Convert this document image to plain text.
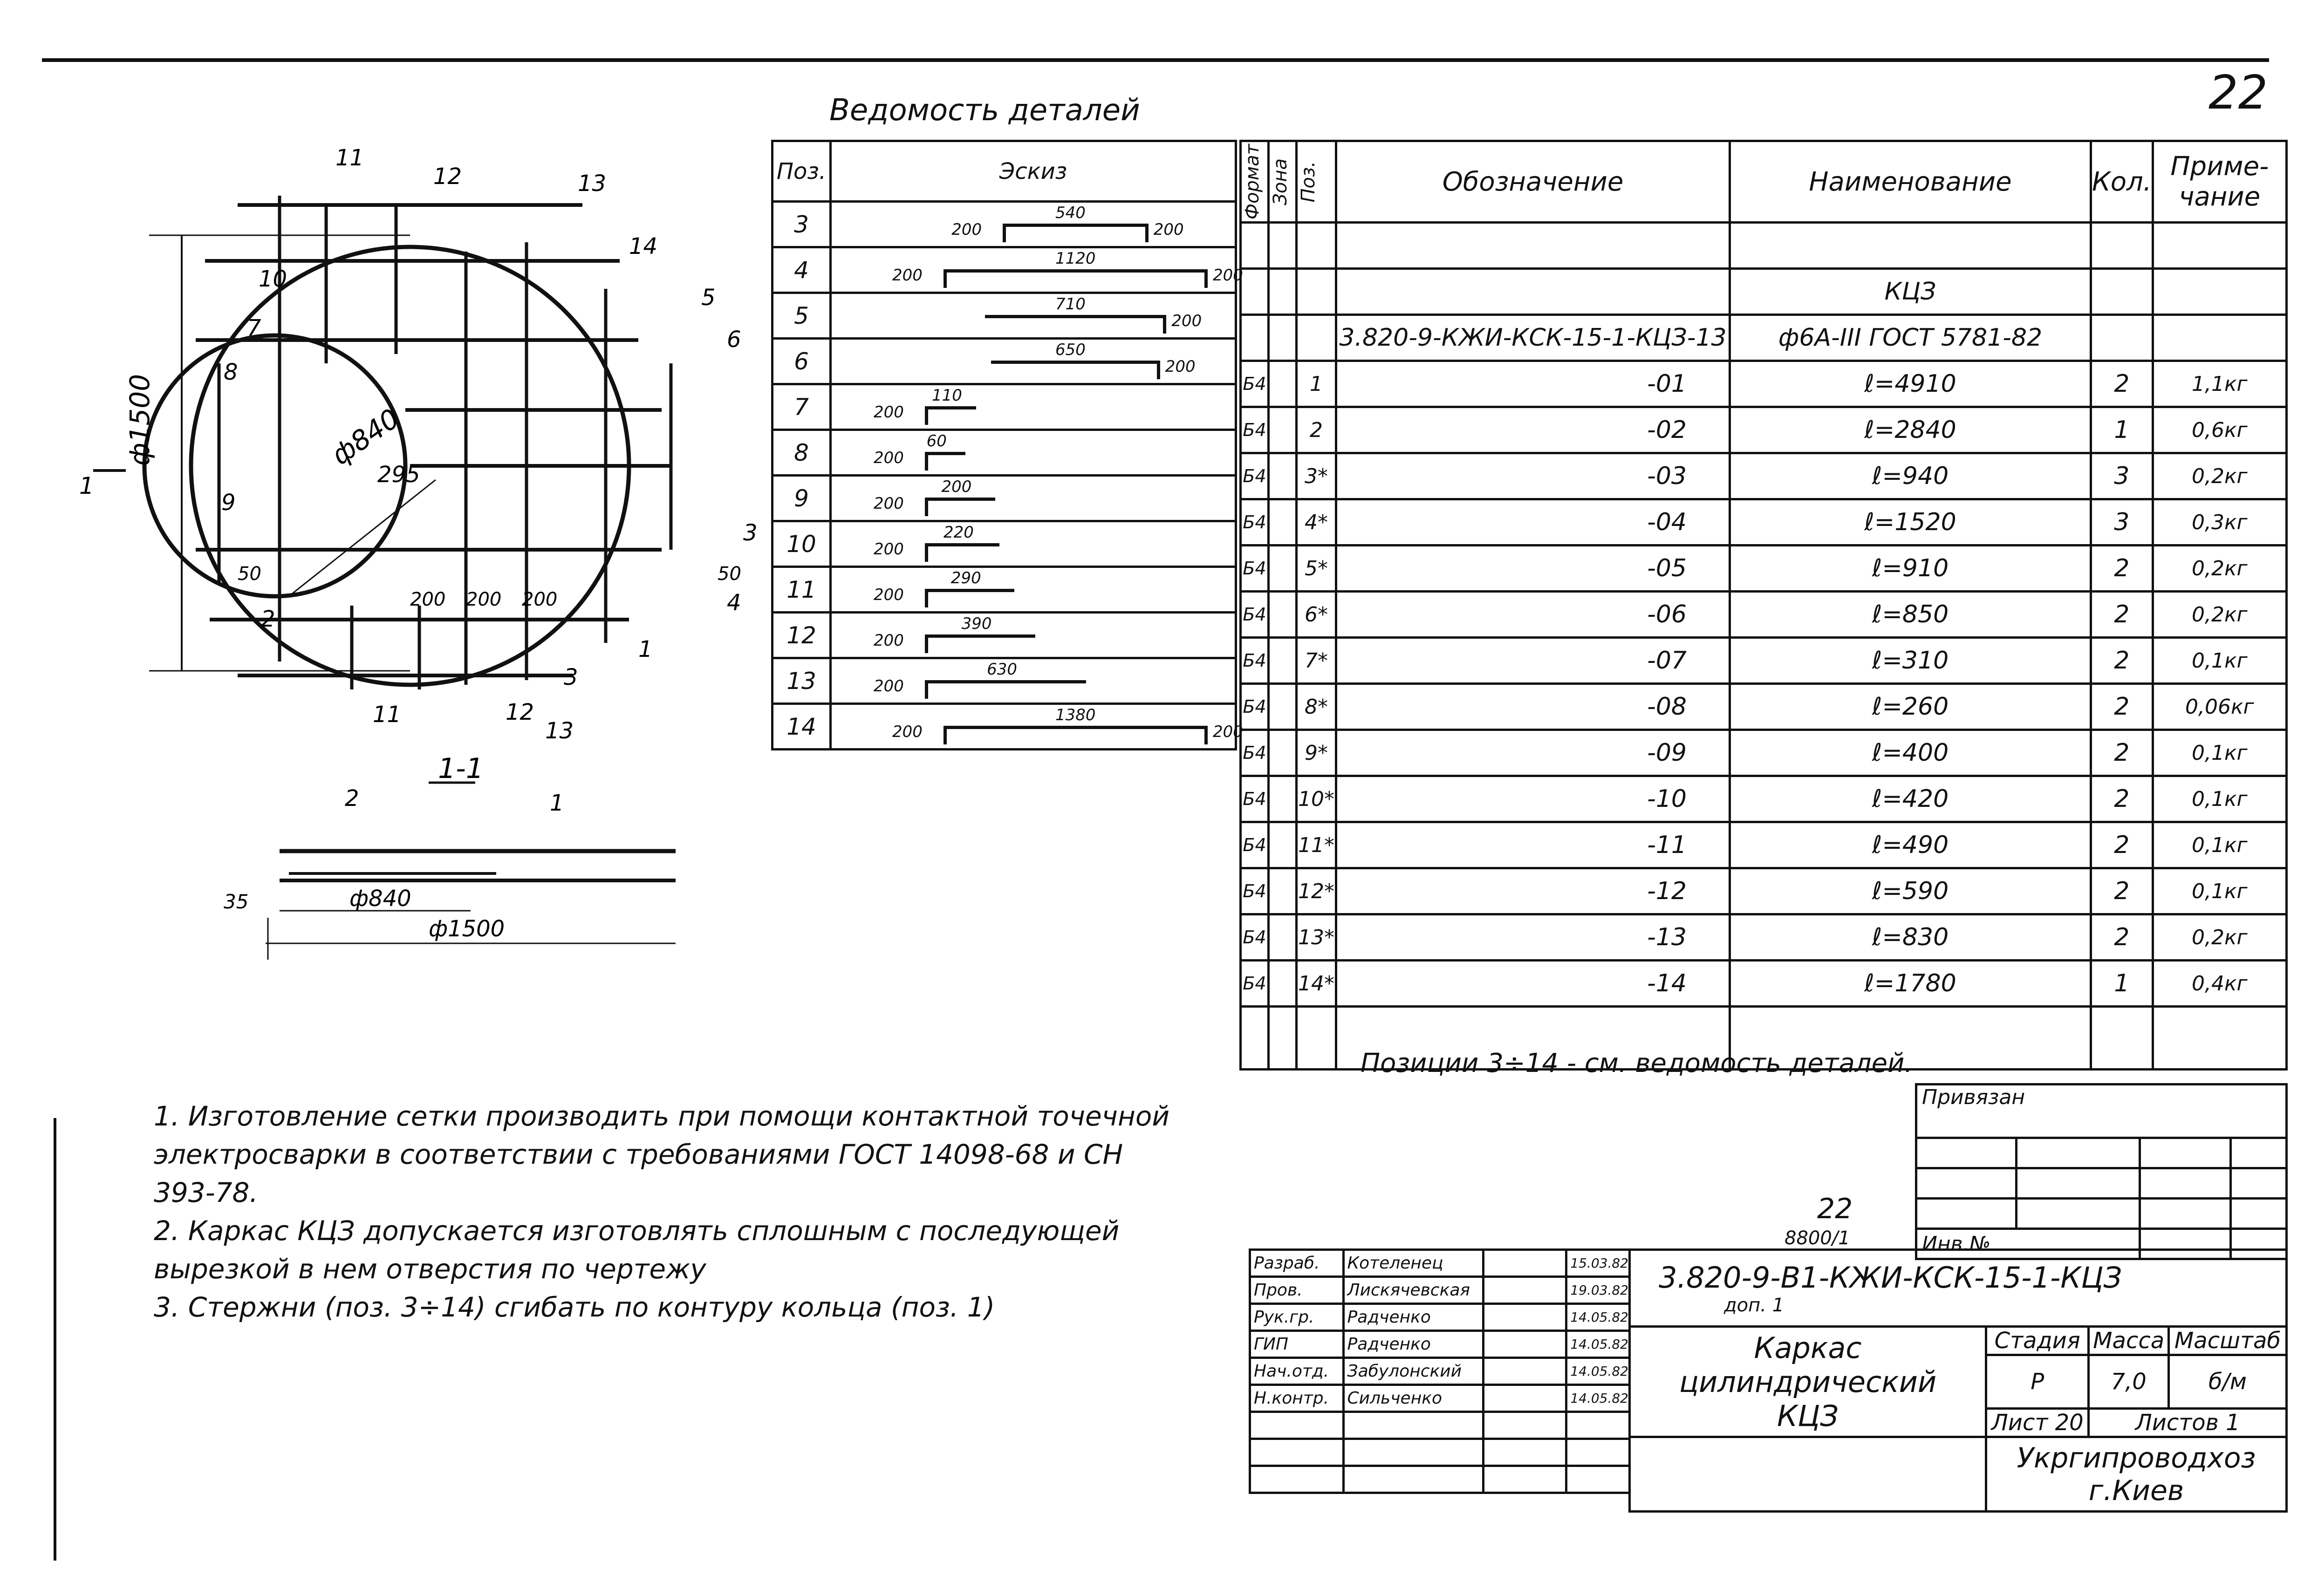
22
ф1500	ф840
295
1
11
12	13
14
5
6
10
7
8
9
2
3
4
1
3
11	12
13
50	50
200 200 200
1-1
2	1
ф840
ф1500
35
Ведомость деталей
Поз.	Эскиз
3	200
540
200

4	200
1120
200

5	710
200

6	650
200

7	200
110

8	200
60

9	200
200

10	200
220

11	200
290

12	200
390

13	200
630

14	200
1380
200
Формат	Зона	Поз.	Обозначение	Наименование	Кол.	Приме-чание

				КЦЗ		
			3.820-9-КЖИ-КСК-15-1-КЦЗ-13	ф6А-III ГОСТ 5781-82		
Б4		1	-01	ℓ=4910	2	1,1кг
Б4		2	-02	ℓ=2840	1	0,6кг
Б4		3*	-03	ℓ=940	3	0,2кг
Б4		4*	-04	ℓ=1520	3	0,3кг
Б4		5*	-05	ℓ=910	2	0,2кг
Б4		6*	-06	ℓ=850	2	0,2кг
Б4		7*	-07	ℓ=310	2	0,1кг
Б4		8*	-08	ℓ=260	2	0,06кг
Б4		9*	-09	ℓ=400	2	0,1кг
Б4		10*	-10	ℓ=420	2	0,1кг
Б4		11*	-11	ℓ=490	2	0,1кг
Б4		12*	-12	ℓ=590	2	0,1кг
Б4		13*	-13	ℓ=830	2	0,2кг
Б4		14*	-14	ℓ=1780	1	0,4кг

Позиции 3÷14 - см. ведомость деталей.

1. Изготовление сетки производить при помощи контактной точечной электросварки в соответствии с требованиями ГОСТ 14098-68 и СН 393-78.

2. Каркас КЦЗ допускается изготовлять сплошным с последующей вырезкой в нем отверстия по чертежу

3. Стержни (поз. 3÷14) сгибать по контуру кольца (поз. 1)

22
8800/1
Привязан			

Инв.№			
Разраб.	Котеленец		15.03.82
Пров.	Лискячевская		19.03.82
Рук.гр.	Радченко		14.05.82
ГИП	Радченко		14.05.82
Нач.отд.	Забулонский		14.05.82
Н.контр.	Сильченко		14.05.82

3.820-9-В1-КЖИ-КСК-15-1-КЦЗ
доп. 1			

Каркас цилиндрический
КЦЗ	Стадия	Масса	Масштаб
	Р	7,0	б/м
	Лист 20	Листов 1	

	Укргипроводхоз
г.Киев		
